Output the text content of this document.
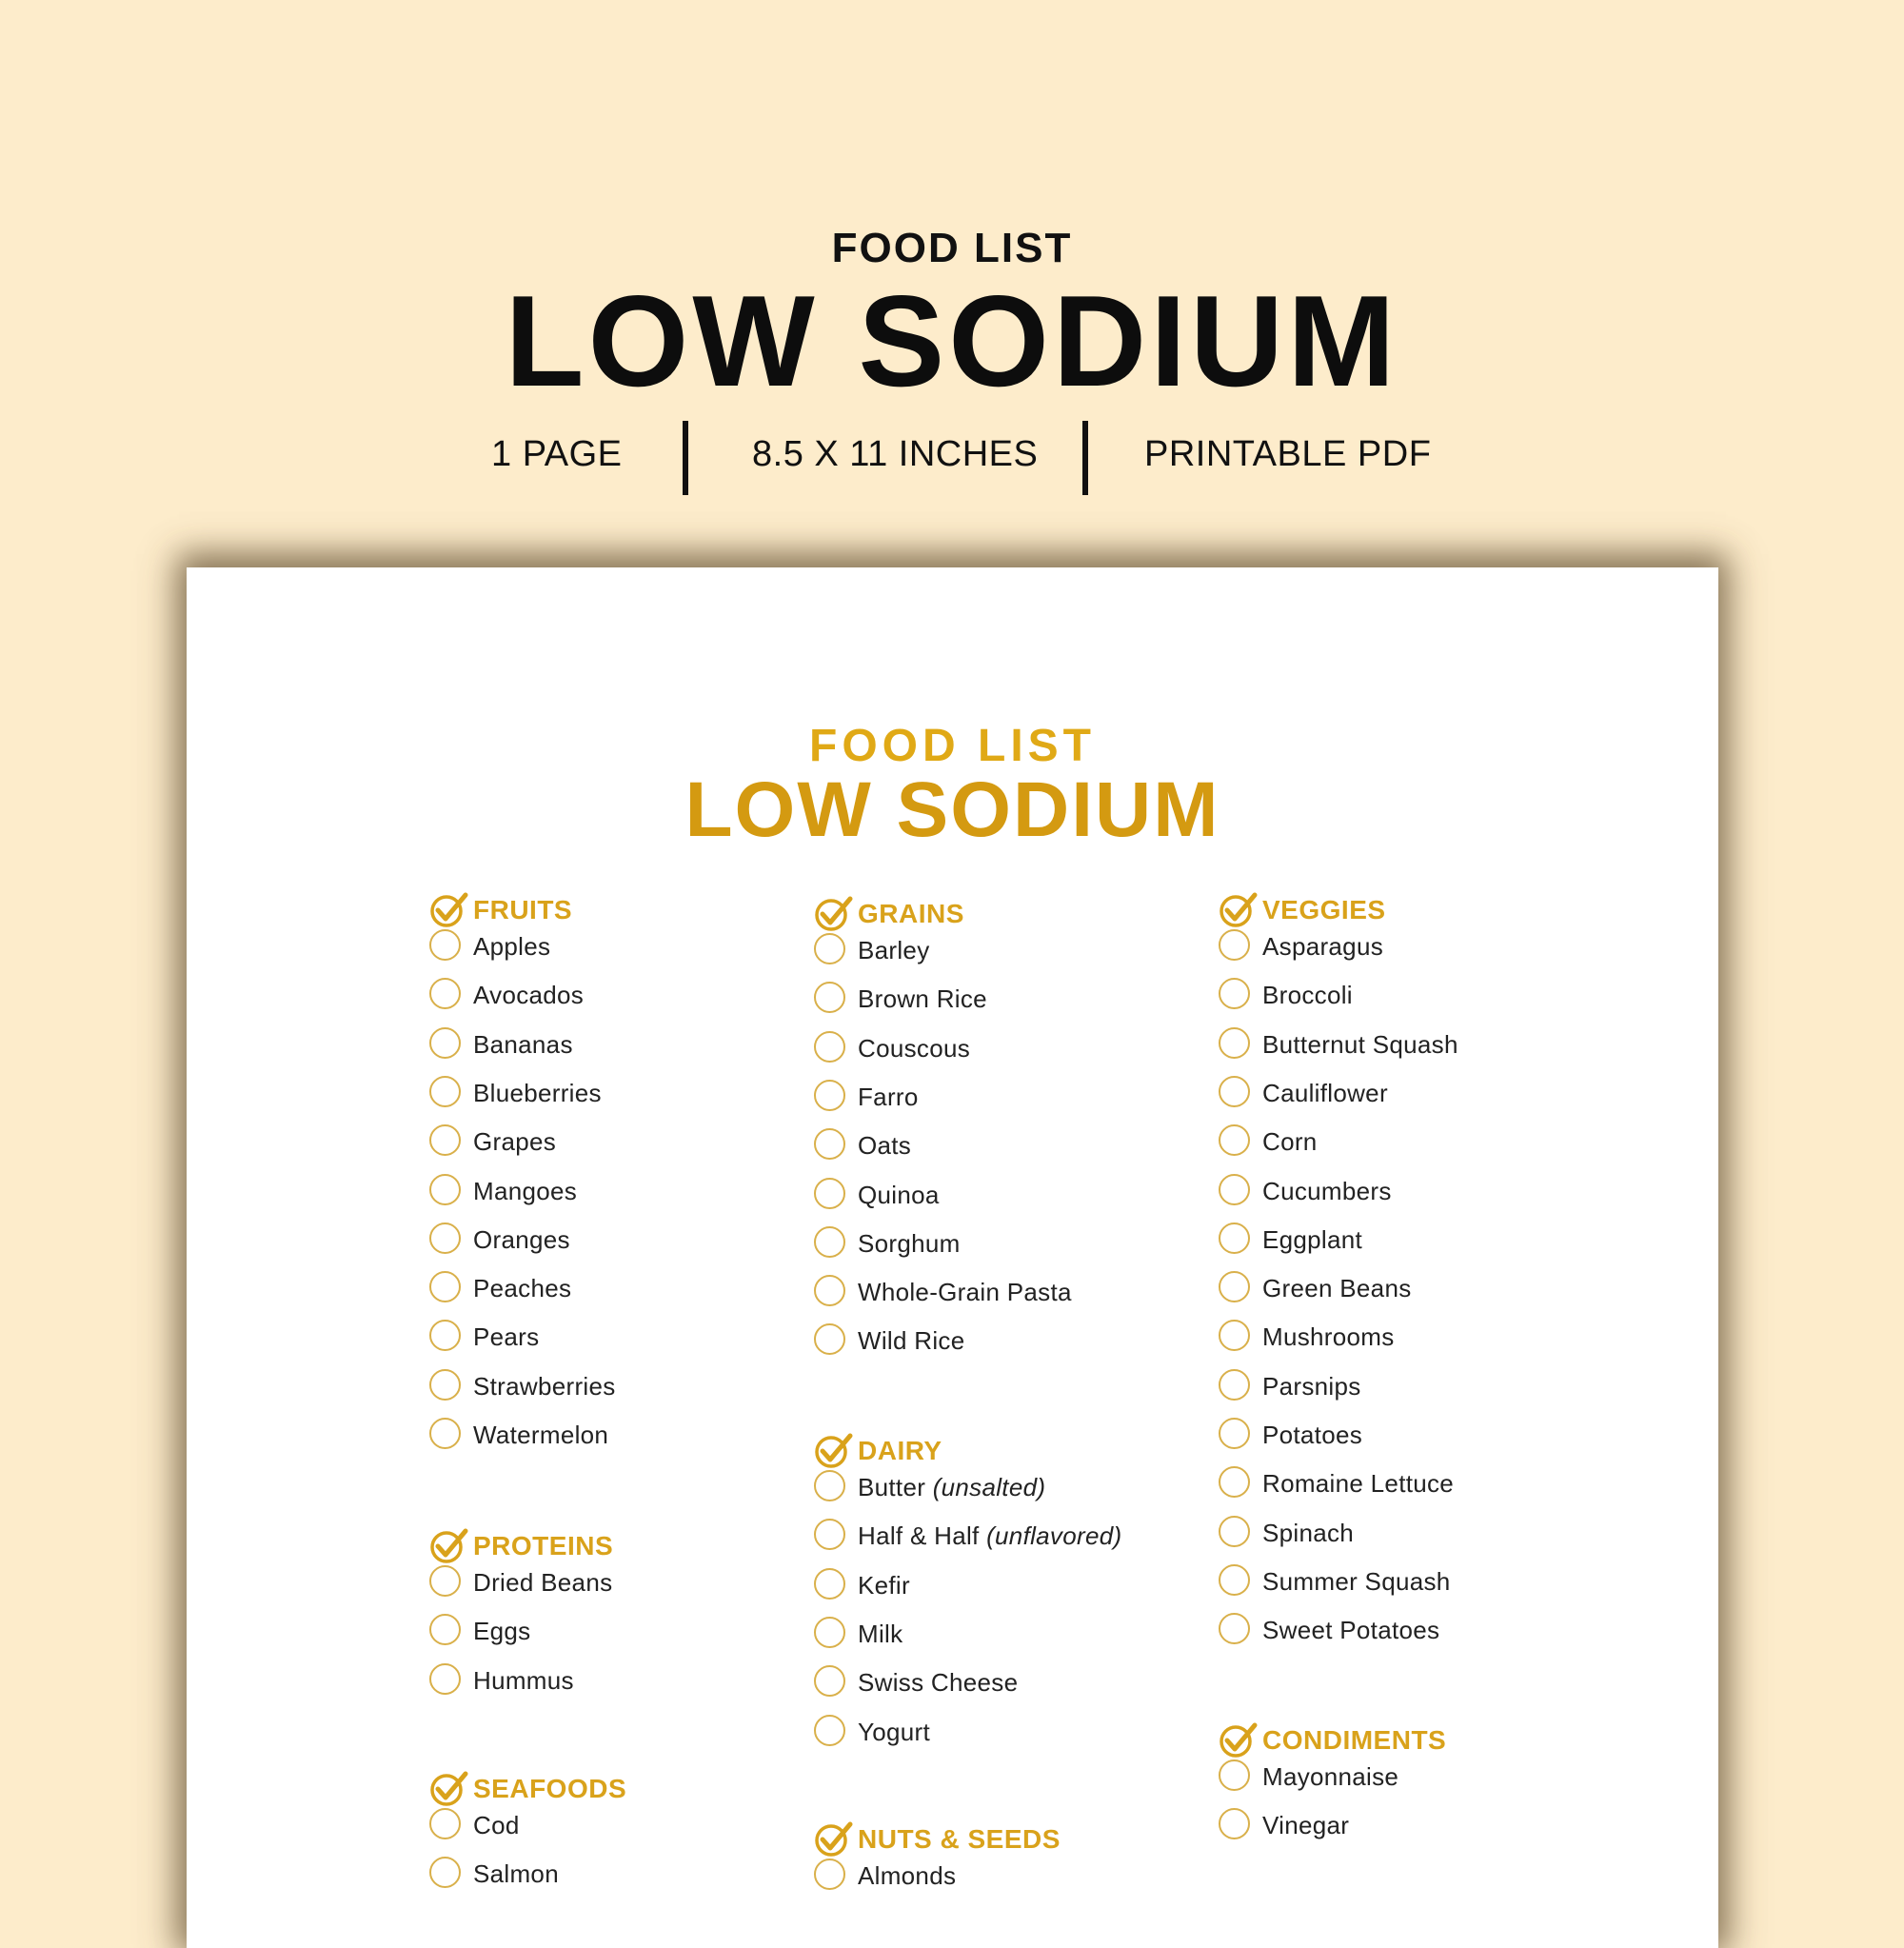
FOOD LIST
LOW SODIUM
1 PAGE	8.5 X 11 INCHES	PRINTABLE PDF
FOOD LIST
LOW SODIUM
FRUITS
Apples
Avocados
Bananas
Blueberries
Grapes
Mangoes
Oranges
Peaches
Pears
Strawberries
Watermelon
PROTEINS
Dried Beans
Eggs
Hummus
SEAFOODS
Cod
Salmon
GRAINS
Barley
Brown Rice
Couscous
Farro
Oats
Quinoa
Sorghum
Whole-Grain Pasta
Wild Rice
DAIRY
Butter (unsalted)
Half & Half (unflavored)
Kefir
Milk
Swiss Cheese
Yogurt
NUTS & SEEDS
Almonds
VEGGIES
Asparagus
Broccoli
Butternut Squash
Cauliflower
Corn
Cucumbers
Eggplant
Green Beans
Mushrooms
Parsnips
Potatoes
Romaine Lettuce
Spinach
Summer Squash
Sweet Potatoes
CONDIMENTS
Mayonnaise
Vinegar
